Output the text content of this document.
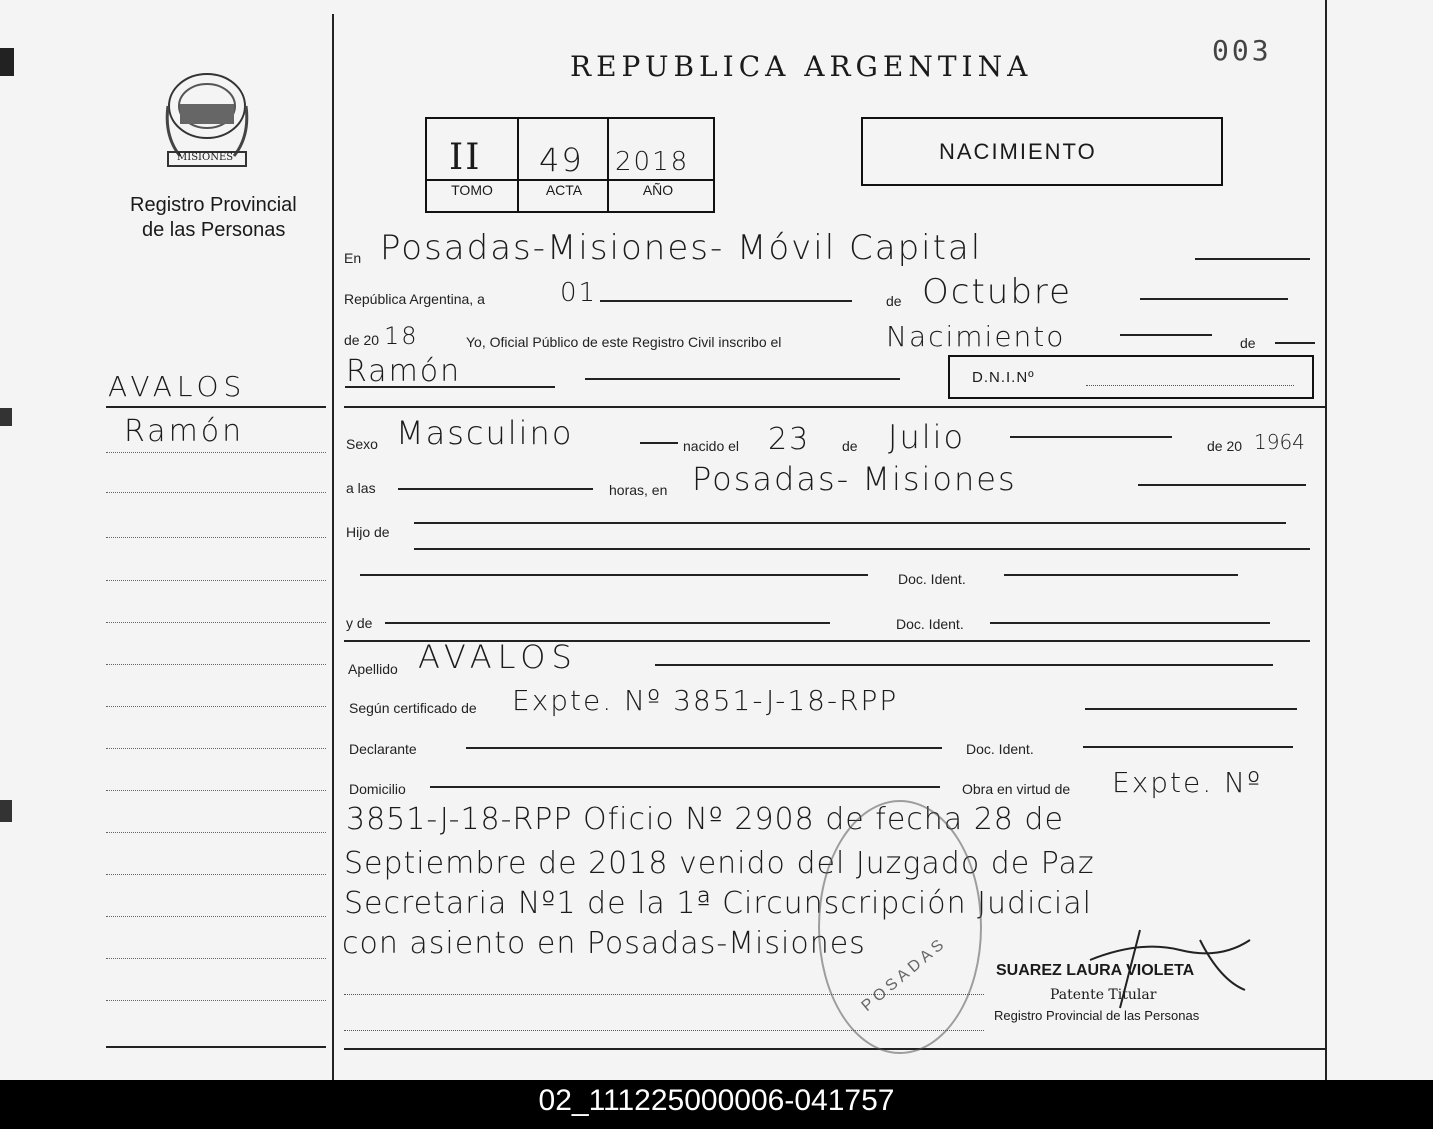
MISIONES
Registro Provincial
de las Personas
REPUBLICA ARGENTINA	003
II 49 2018
TOMO	ACTA	AÑO
NACIMIENTO
AVALOS
Ramón
En Posadas-Misiones- Móvil Capital
República Argentina, a	01	de Octubre
de 20 18	Yo, Oficial Público de este Registro Civil inscribo el	Nacimiento	de
Ramón	D.N.I.Nº
Sexo Masculino	nacido el 23 de Julio	de 20 1964
a las	horas, en Posadas- Misiones
Hijo de
Doc. Ident.
y de	Doc. Ident.
Apellido AVALOS
Según certificado de Expte. Nº 3851-J-18-RPP
Declarante	Doc. Ident.
Domicilio	Obra en virtud de Expte. Nº
3851-J-18-RPP Oficio Nº 2908 de fecha 28 de
Septiembre de 2018 venido del Juzgado de Paz
Secretaria Nº1 de la 1ª Circunscripción Judicial
con asiento en Posadas-Misiones
POSADAS	SUAREZ LAURA VIOLETA
Patente Titular
Registro Provincial de las Personas
02_111225000006-041757
